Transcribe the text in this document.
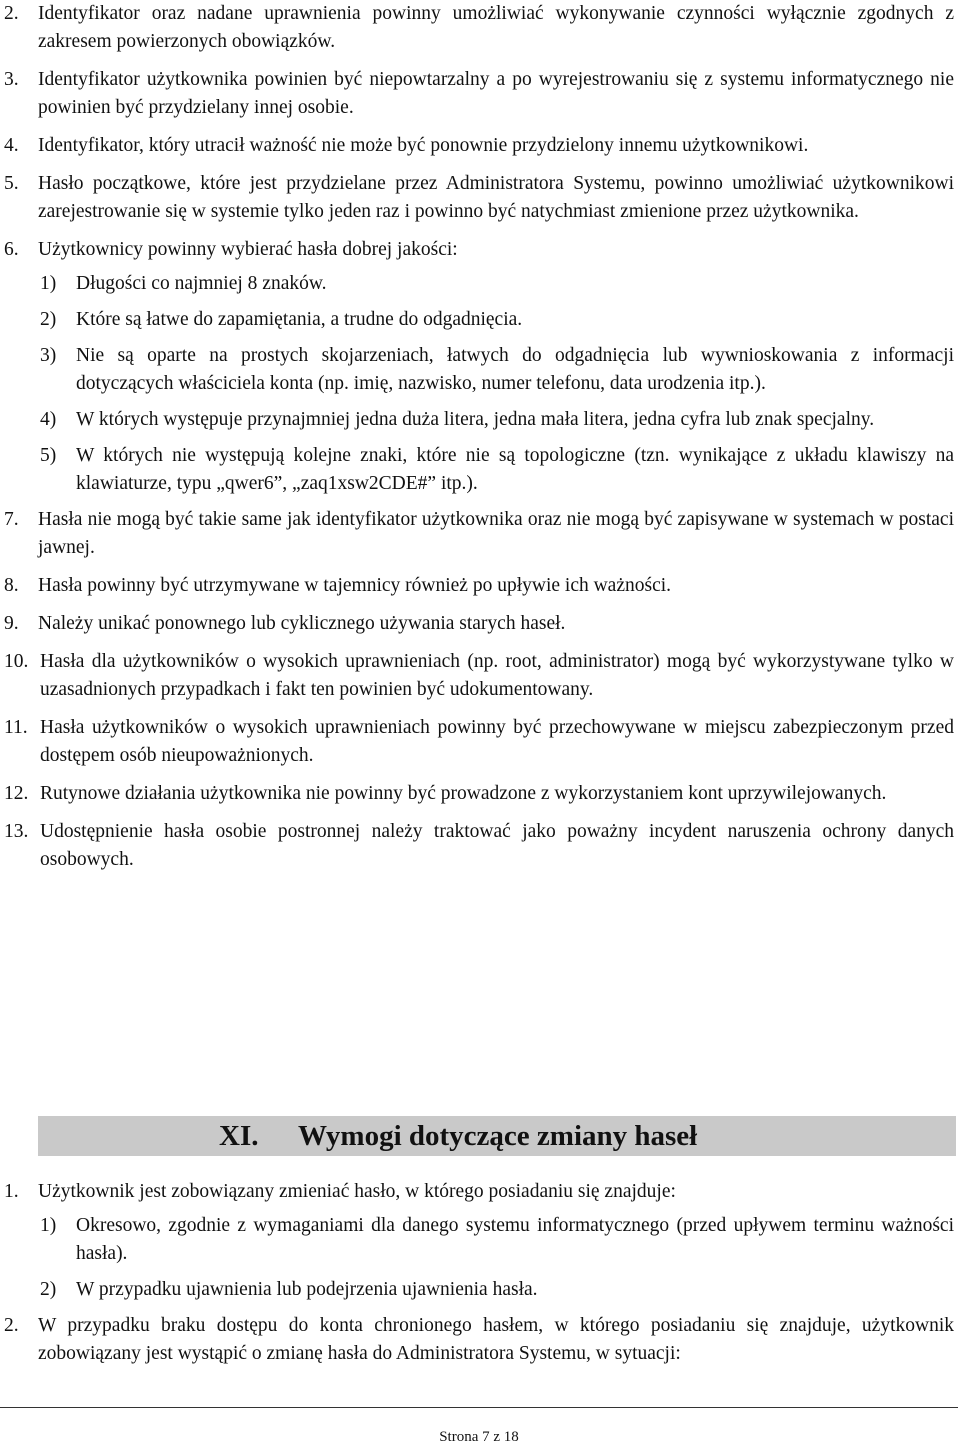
2. Identyfikator oraz nadane uprawnienia powinny umożliwiać wykonywanie czynności wyłącznie zgodnych z zakresem powierzonych obowiązków.
3. Identyfikator użytkownika powinien być niepowtarzalny a po wyrejestrowaniu się z systemu informatycznego nie powinien być przydzielany innej osobie.
4. Identyfikator, który utracił ważność nie może być ponownie przydzielony innemu użytkownikowi.
5. Hasło początkowe, które jest przydzielane przez Administratora Systemu, powinno umożliwiać użytkownikowi zarejestrowanie się w systemie tylko jeden raz i powinno być natychmiast zmienione przez użytkownika.
6. Użytkownicy powinny wybierać hasła dobrej jakości:
1)	Długości co najmniej 8 znaków.
2)	Które są łatwe do zapamiętania, a trudne do odgadnięcia.
3)	Nie są oparte na prostych skojarzeniach, łatwych do odgadnięcia lub wywnioskowania z informacji dotyczących właściciela konta (np. imię, nazwisko, numer telefonu, data urodzenia itp.).
4)	W których występuje przynajmniej jedna duża litera, jedna mała litera, jedna cyfra lub znak specjalny.
5)	W których nie występują kolejne znaki, które nie są topologiczne (tzn. wynikające z układu klawiszy na klawiaturze, typu „qwer6”, „zaq1xsw2CDE#” itp.).
7. Hasła nie mogą być takie same jak identyfikator użytkownika oraz nie mogą być zapisywane w systemach w postaci jawnej.
8. Hasła powinny być utrzymywane w tajemnicy również po upływie ich ważności.
9. Należy unikać ponownego lub cyklicznego używania starych haseł.
10. Hasła dla użytkowników o wysokich uprawnieniach (np. root, administrator) mogą być wykorzystywane tylko w uzasadnionych przypadkach i fakt ten powinien być udokumentowany.
11. Hasła użytkowników o wysokich uprawnieniach powinny być przechowywane w miejscu zabezpieczonym przed dostępem osób nieupoważnionych.
12. Rutynowe działania użytkownika nie powinny być prowadzone z wykorzystaniem kont uprzywilejowanych.
13. Udostępnienie hasła osobie postronnej należy traktować jako poważny incydent naruszenia ochrony danych osobowych.
XI. Wymogi dotyczące zmiany haseł
1. Użytkownik jest zobowiązany zmieniać hasło, w którego posiadaniu się znajduje:
1)	Okresowo, zgodnie z wymaganiami dla danego systemu informatycznego (przed upływem terminu ważności hasła).
2)	W przypadku ujawnienia lub podejrzenia ujawnienia hasła.
2. W przypadku braku dostępu do konta chronionego hasłem, w którego posiadaniu się znajduje, użytkownik zobowiązany jest wystąpić o zmianę hasła do Administratora Systemu, w sytuacji:
Strona 7 z 18
